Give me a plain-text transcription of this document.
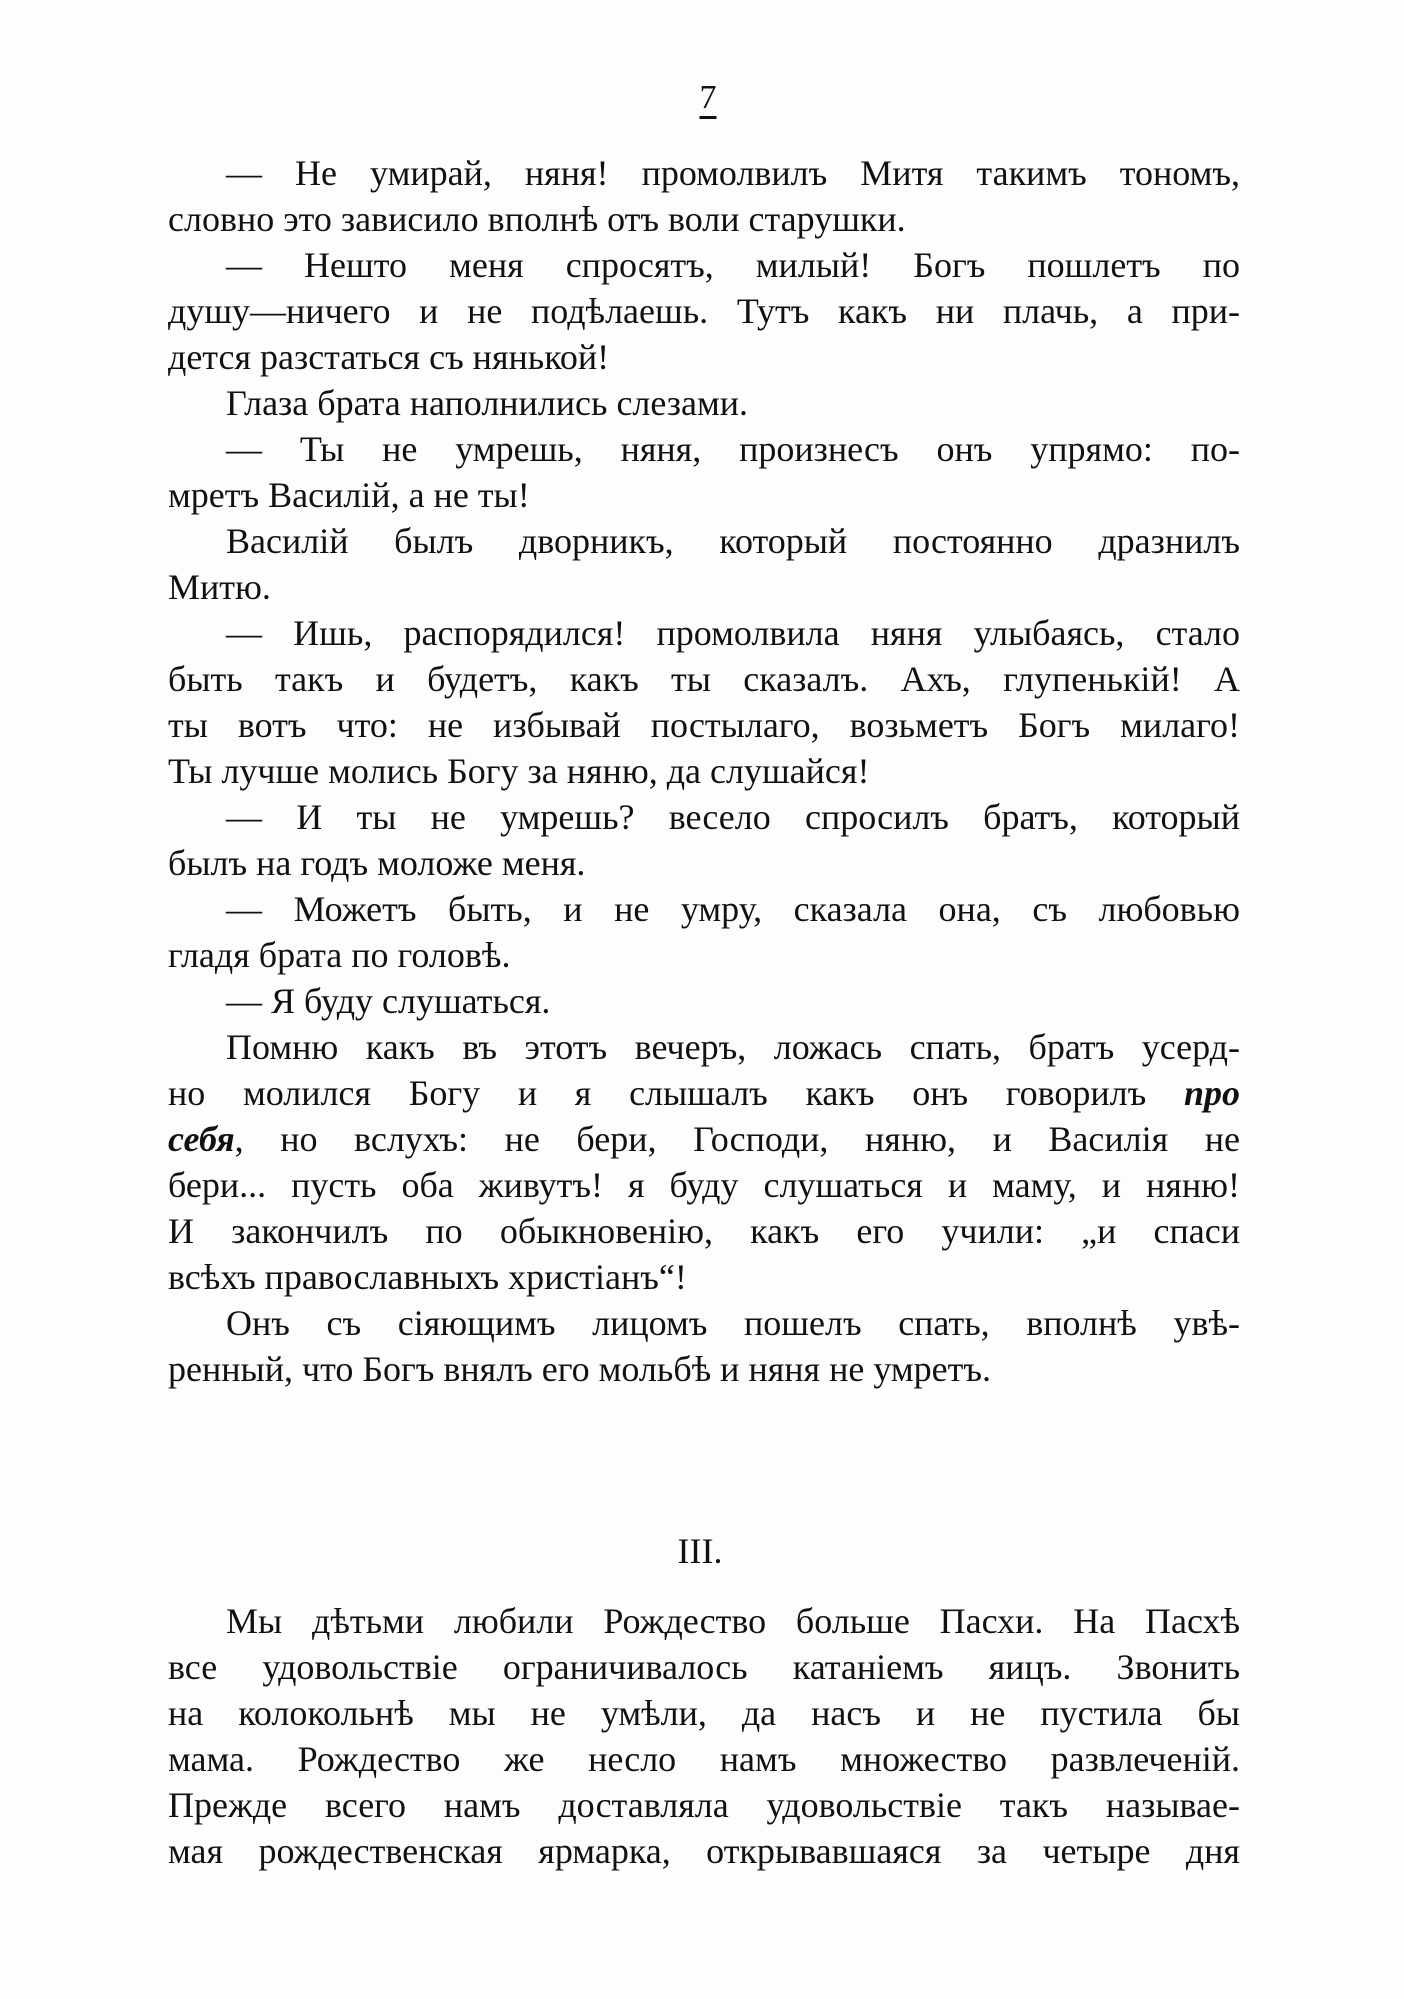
7
— Не умирай, няня! промолвилъ Митя такимъ тономъ,
словно это зависило вполнѣ отъ воли старушки.
— Нешто меня спросятъ, милый! Богъ пошлетъ по
душу—ничего и не подѣлаешь. Тутъ какъ ни плачь, а при-
дется разстаться съ нянькой!
Глаза брата наполнились слезами.
— Ты не умрешь, няня, произнесъ онъ упрямо: по-
мретъ Василій, а не ты!
Василій былъ дворникъ, который постоянно дразнилъ
Митю.
— Ишь, распорядился! промолвила няня улыбаясь, стало
быть такъ и будетъ, какъ ты сказалъ. Ахъ, глупенькій! А
ты вотъ что: не избывай постылаго, возьметъ Богъ милаго!
Ты лучше молись Богу за няню, да слушайся!
— И ты не умрешь? весело спросилъ братъ, который
былъ на годъ моложе меня.
— Можетъ быть, и не умру, сказала она, съ любовью
гладя брата по головѣ.
— Я буду слушаться.
Помню какъ въ этотъ вечеръ, ложась спать, братъ усерд-
но молился Богу и я слышалъ какъ онъ говорилъ про
себя, но вслухъ: не бери, Господи, няню, и Василія не
бери... пусть оба живутъ! я буду слушаться и маму, и няню!
И закончилъ по обыкновенію, какъ его учили: „и спаси
всѣхъ православныхъ христіанъ“!
Онъ съ сіяющимъ лицомъ пошелъ спать, вполнѣ увѣ-
ренный, что Богъ внялъ его мольбѣ и няня не умретъ.
III.
Мы дѣтьми любили Рождество больше Пасхи. На Пасхѣ
все удовольствіе ограничивалось катаніемъ яицъ. Звонить
на колокольнѣ мы не умѣли, да насъ и не пустила бы
мама. Рождество же несло намъ множество развлеченій.
Прежде всего намъ доставляла удовольствіе такъ называе-
мая рождественская ярмарка, открывавшаяся за четыре дня
